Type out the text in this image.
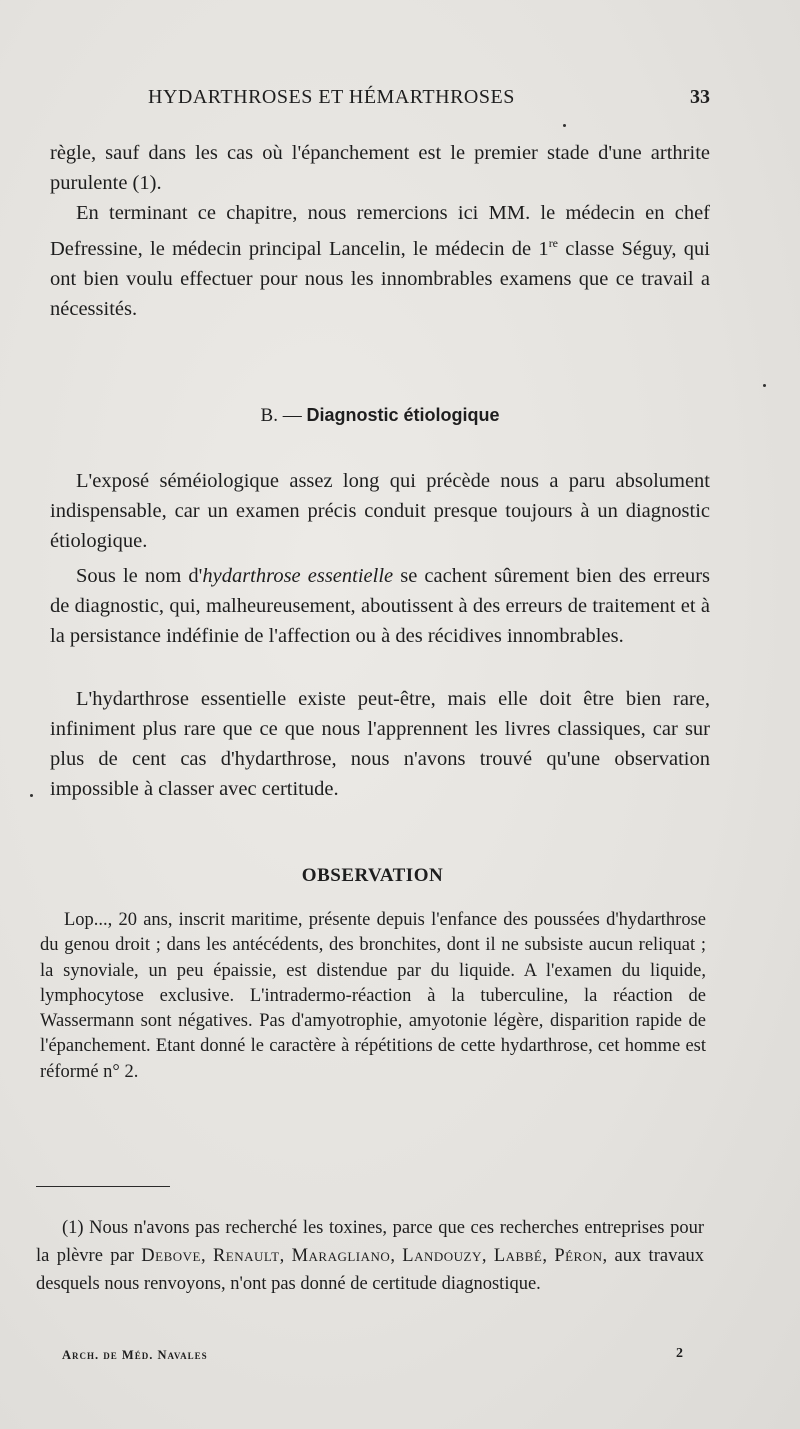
HYDARTHROSES ET HÉMARTHROSES	33

règle, sauf dans les cas où l'épanchement est le premier stade d'une arthrite purulente (1).

En terminant ce chapitre, nous remercions ici MM. le médecin en chef Defressine, le médecin principal Lancelin, le médecin de 1re classe Séguy, qui ont bien voulu effectuer pour nous les innombrables examens que ce travail a nécessités.

B. — Diagnostic étiologique

L'exposé séméiologique assez long qui précède nous a paru absolument indispensable, car un examen précis conduit presque toujours à un diagnostic étiologique.

Sous le nom d'hydarthrose essentielle se cachent sûrement bien des erreurs de diagnostic, qui, malheureusement, aboutissent à des erreurs de traitement et à la persistance indéfinie de l'affection ou à des récidives innombrables.

L'hydarthrose essentielle existe peut-être, mais elle doit être bien rare, infiniment plus rare que ce que nous l'apprennent les livres classiques, car sur plus de cent cas d'hydarthrose, nous n'avons trouvé qu'une observation impossible à classer avec certitude.

OBSERVATION

Lop..., 20 ans, inscrit maritime, présente depuis l'enfance des poussées d'hydarthrose du genou droit ; dans les antécédents, des bronchites, dont il ne subsiste aucun reliquat ; la synoviale, un peu épaissie, est distendue par du liquide. A l'examen du liquide, lymphocytose exclusive. L'intradermo-réaction à la tuberculine, la réaction de Wassermann sont négatives. Pas d'amyotrophie, amyotonie légère, disparition rapide de l'épanchement. Etant donné le caractère à répétitions de cette hydarthrose, cet homme est réformé n° 2.

(1) Nous n'avons pas recherché les toxines, parce que ces recherches entreprises pour la plèvre par Debove, Renault, Maragliano, Landouzy, Labbé, Péron, aux travaux desquels nous renvoyons, n'ont pas donné de certitude diagnostique.

Arch. de Méd. Navales	2
